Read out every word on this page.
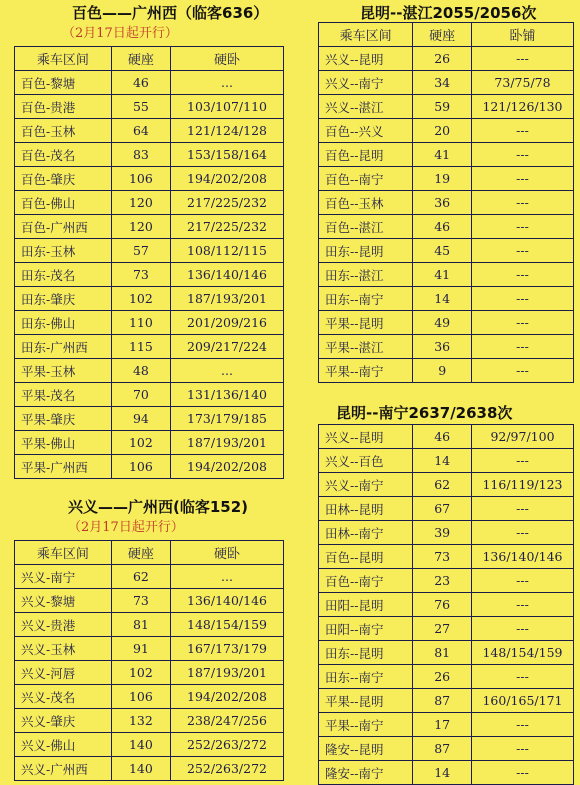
百色——广州西（临客636）
（2月17日起开行）
乘车区间	硬座	硬卧
百色-黎塘	46	...
百色-贵港	55	103/107/110
百色-玉林	64	121/124/128
百色-茂名	83	153/158/164
百色-肇庆	106	194/202/208
百色-佛山	120	217/225/232
百色-广州西	120	217/225/232
田东-玉林	57	108/112/115
田东-茂名	73	136/140/146
田东-肇庆	102	187/193/201
田东-佛山	110	201/209/216
田东-广州西	115	209/217/224
平果-玉林	48	...
平果-茂名	70	131/136/140
平果-肇庆	94	173/179/185
平果-佛山	102	187/193/201
平果-广州西	106	194/202/208
兴义——广州西(临客152)
（2月17日起开行）
乘车区间	硬座	硬卧
兴义-南宁	62	...
兴义-黎塘	73	136/140/146
兴义-贵港	81	148/154/159
兴义-玉林	91	167/173/179
兴义-河唇	102	187/193/201
兴义-茂名	106	194/202/208
兴义-肇庆	132	238/247/256
兴义-佛山	140	252/263/272
兴义-广州西	140	252/263/272
昆明--湛江2055/2056次
乘车区间	硬座	卧铺
兴义--昆明	26	---
兴义--南宁	34	73/75/78
兴义--湛江	59	121/126/130
百色--兴义	20	---
百色--昆明	41	---
百色--南宁	19	---
百色--玉林	36	---
百色--湛江	46	---
田东--昆明	45	---
田东--湛江	41	---
田东--南宁	14	---
平果--昆明	49	---
平果--湛江	36	---
平果--南宁	9	---
昆明--南宁2637/2638次
兴义--昆明	46	92/97/100
兴义--百色	14	---
兴义--南宁	62	116/119/123
田林--昆明	67	---
田林--南宁	39	---
百色--昆明	73	136/140/146
百色--南宁	23	---
田阳--昆明	76	---
田阳--南宁	27	---
田东--昆明	81	148/154/159
田东--南宁	26	---
平果--昆明	87	160/165/171
平果--南宁	17	---
隆安--昆明	87	---
隆安--南宁	14	---
